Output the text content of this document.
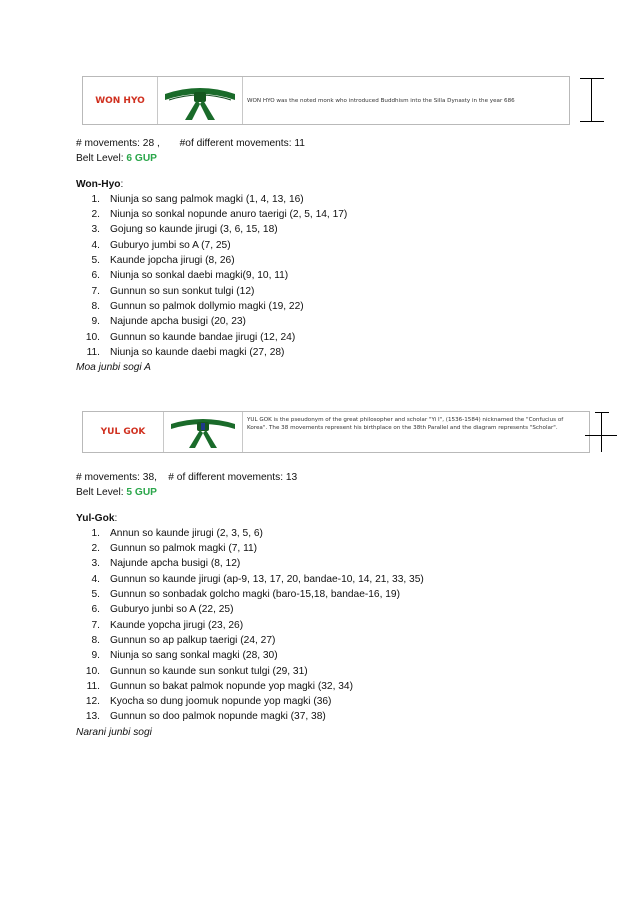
WON HYO	WON HYO was the noted monk who introduced Buddhism into the Silla Dynasty in the year 686

# movements: 28 ,       #of different movements: 11

Belt Level: 6 GUP

Won-Hyo:

1. Niunja so sang palmok magki (1, 4, 13, 16)
2. Niunja so sonkal nopunde anuro taerigi (2, 5, 14, 17)
3. Gojung so kaunde jirugi (3, 6, 15, 18)
4. Guburyo jumbi so A (7, 25)
5. Kaunde jopcha jirugi (8, 26)
6. Niunja so sonkal daebi magki(9, 10, 11)
7. Gunnun so sun sonkut tulgi (12)
8. Gunnun so palmok dollymio magki (19, 22)
9. Najunde apcha busigi (20, 23)
10. Gunnun so kaunde bandae jirugi (12, 24)
11. Niunja so kaunde daebi magki (27, 28)

Moa junbi sogi A

YUL GOK
YUL GOK is the pseudonym of the great philosopher and scholar "Yi I", (1536-1584) nicknamed the "Confucius of Korea". The 38 movements represent his birthplace on the 38th Parallel and the diagram represents "Scholar".

# movements: 38,    # of different movements: 13

Belt Level: 5 GUP

Yul-Gok:

1. Annun so kaunde jirugi (2, 3, 5, 6)
2. Gunnun so palmok magki (7, 11)
3. Najunde apcha busigi (8, 12)
4. Gunnun so kaunde jirugi (ap-9, 13, 17, 20, bandae-10, 14, 21, 33, 35)
5. Gunnun so sonbadak golcho magki (baro-15,18, bandae-16, 19)
6. Guburyo junbi so A (22, 25)
7. Kaunde yopcha jirugi (23, 26)
8. Gunnun so ap palkup taerigi (24, 27)
9. Niunja so sang sonkal magki (28, 30)
10. Gunnun so kaunde sun sonkut tulgi (29, 31)
11. Gunnun so bakat palmok nopunde yop magki (32, 34)
12. Kyocha so dung joomuk nopunde yop magki (36)
13. Gunnun so doo palmok nopunde magki (37, 38)

Narani junbi sogi
